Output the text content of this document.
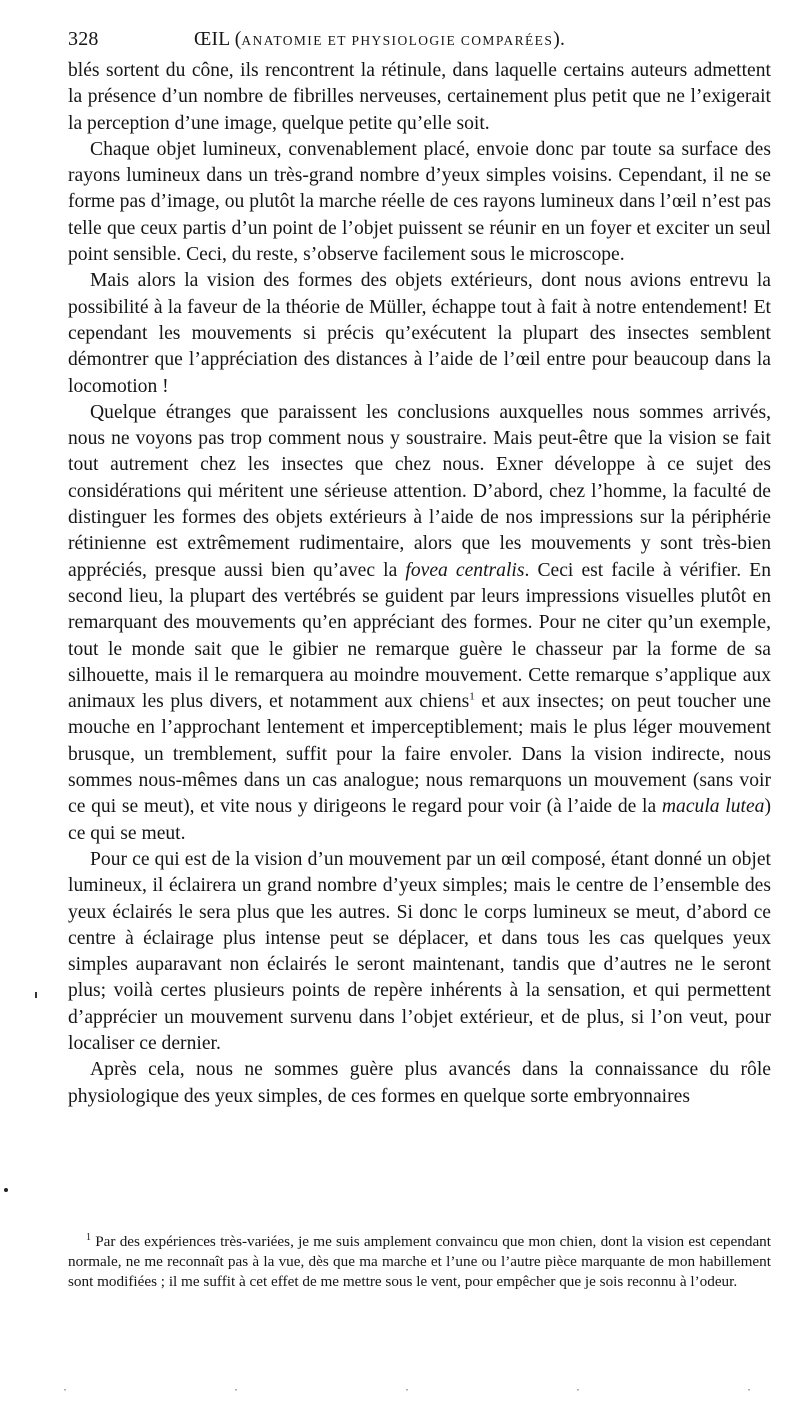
328	ŒIL (ANATOMIE ET PHYSIOLOGIE COMPARÉES).

blés sortent du cône, ils rencontrent la rétinule, dans laquelle certains auteurs admettent la présence d’un nombre de fibrilles nerveuses, certainement plus petit que ne l’exigerait la perception d’une image, quelque petite qu’elle soit.

Chaque objet lumineux, convenablement placé, envoie donc par toute sa surface des rayons lumineux dans un très-grand nombre d’yeux simples voisins. Cependant, il ne se forme pas d’image, ou plutôt la marche réelle de ces rayons lumineux dans l’œil n’est pas telle que ceux partis d’un point de l’objet puissent se réunir en un foyer et exciter un seul point sensible. Ceci, du reste, s’observe facilement sous le microscope.

Mais alors la vision des formes des objets extérieurs, dont nous avions entrevu la possibilité à la faveur de la théorie de Müller, échappe tout à fait à notre entendement! Et cependant les mouvements si précis qu’exécutent la plupart des insectes semblent démontrer que l’appréciation des distances à l’aide de l’œil entre pour beaucoup dans la locomotion !

Quelque étranges que paraissent les conclusions auxquelles nous sommes arrivés, nous ne voyons pas trop comment nous y soustraire. Mais peut-être que la vision se fait tout autrement chez les insectes que chez nous. Exner développe à ce sujet des considérations qui méritent une sérieuse attention. D’abord, chez l’homme, la faculté de distinguer les formes des objets extérieurs à l’aide de nos impressions sur la périphérie rétinienne est extrêmement rudimentaire, alors que les mouvements y sont très-bien appréciés, presque aussi bien qu’avec la fovea centralis. Ceci est facile à vérifier. En second lieu, la plupart des vertébrés se guident par leurs impressions visuelles plutôt en remarquant des mouvements qu’en appréciant des formes. Pour ne citer qu’un exemple, tout le monde sait que le gibier ne remarque guère le chasseur par la forme de sa silhouette, mais il le remarquera au moindre mouvement. Cette remarque s’applique aux animaux les plus divers, et notamment aux chiens$^1$ et aux insectes; on peut toucher une mouche en l’approchant lentement et imperceptiblement; mais le plus léger mouvement brusque, un tremblement, suffit pour la faire envoler. Dans la vision indirecte, nous sommes nous-mêmes dans un cas analogue; nous remarquons un mouvement (sans voir ce qui se meut), et vite nous y dirigeons le regard pour voir (à l’aide de la macula lutea) ce qui se meut.

Pour ce qui est de la vision d’un mouvement par un œil composé, étant donné un objet lumineux, il éclairera un grand nombre d’yeux simples; mais le centre de l’ensemble des yeux éclairés le sera plus que les autres. Si donc le corps lumineux se meut, d’abord ce centre à éclairage plus intense peut se déplacer, et dans tous les cas quelques yeux simples auparavant non éclairés le seront maintenant, tandis que d’autres ne le seront plus; voilà certes plusieurs points de repère inhérents à la sensation, et qui permettent d’apprécier un mouvement survenu dans l’objet extérieur, et de plus, si l’on veut, pour localiser ce dernier.

Après cela, nous ne sommes guère plus avancés dans la connaissance du rôle physiologique des yeux simples, de ces formes en quelque sorte embryonnaires

$^1$ Par des expériences très-variées, je me suis amplement convaincu que mon chien, dont la vision est cependant normale, ne me reconnaît pas à la vue, dès que ma marche et l’une ou l’autre pièce marquante de mon habillement sont modifiées ; il me suffit à cet effet de me mettre sous le vent, pour empêcher que je sois reconnu à l’odeur.

·	·	·	·	·
